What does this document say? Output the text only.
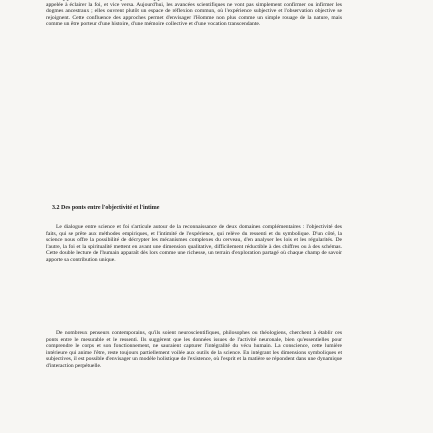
appelée à éclairer la foi, et vice versa. Aujourd'hui, les avancées scientifiques ne vont pas simplement confirmer ou infirmer les dogmes ancestraux ; elles ouvrent plutôt un espace de réflexion commun, où l'expérience subjective et l'observation objective se rejoignent. Cette confluence des approches permet d'envisager l'Homme non plus comme un simple rouage de la nature, mais comme un être porteur d'une histoire, d'une mémoire collective et d'une vocation transcendante.

3.2 Des ponts entre l'objectivité et l'intime

Le dialogue entre science et foi s'articule autour de la reconnaissance de deux domaines complémentaires : l'objectivité des faits, qui se prête aux méthodes empiriques, et l'intimité de l'expérience, qui relève du ressenti et du symbolique. D'un côté, la science nous offre la possibilité de décrypter les mécanismes complexes du cerveau, d'en analyser les lois et les régularités. De l'autre, la foi et la spiritualité mettent en avant une dimension qualitative, difficilement réductible à des chiffres ou à des schémas. Cette double lecture de l'humain apparaît dès lors comme une richesse, un terrain d'exploration partagé où chaque champ de savoir apporte sa contribution unique.

De nombreux penseurs contemporains, qu'ils soient neuroscientifiques, philosophes ou théologiens, cherchent à établir ces ponts entre le mesurable et le ressenti. Ils suggèrent que les données issues de l'activité neuronale, bien qu'essentielles pour comprendre le corps et son fonctionnement, ne sauraient capturer l'intégralité du vécu humain. La conscience, cette lumière intérieure qui anime l'être, reste toujours partiellement voilée aux outils de la science. En intégrant les dimensions symboliques et subjectives, il est possible d'envisager un modèle holistique de l'existence, où l'esprit et la matière se répondent dans une dynamique d'interaction perpétuelle.
